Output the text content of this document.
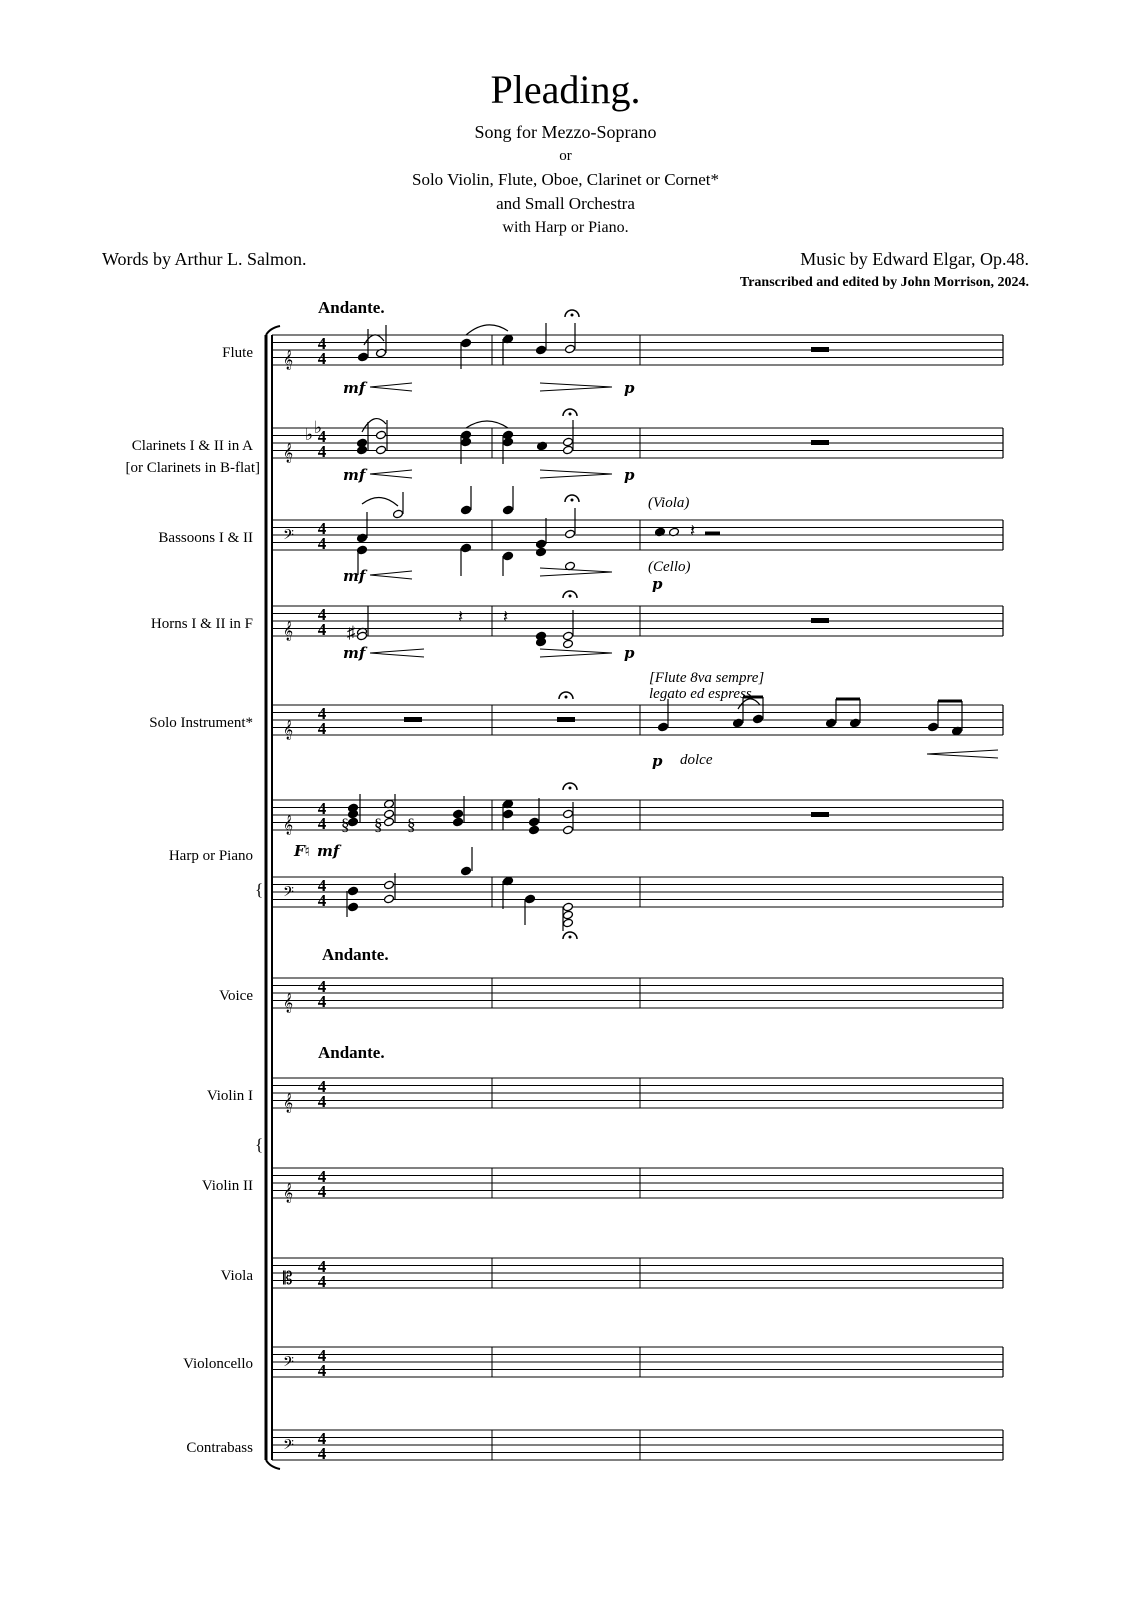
Pleading.
Song for Mezzo-Soprano
or
Solo Violin, Flute, Oboe, Clarinet or Cornet*
and Small Orchestra
with Harp or Piano.
Words by Arthur L. Salmon.	Music by Edward Elgar, Op.48.
Transcribed and edited by John Morrison, 2024.
{
{
4
4
𝄞
Flute
4
4
𝄞
Clarinets I & II in A
[or Clarinets in B-flat]
4
4
𝄢
Bassoons I & II
4
4
𝄞
Horns I & II in F
4
4
𝄞
Solo Instrument*
4
4
𝄞
4
4
𝄢
4
4
𝄞
Voice
4
4
𝄞
Violin I
4
4
𝄞
Violin II
4
4
𝄡
Viola
4
4
𝄢
Violoncello
4
4
𝄢
Contrabass
Harp or Piano
Andante.
Andante.
Andante.
mf	p
♭ ♭
mf	p
(Viola)
𝄽
(Cello)
p
mf
♯
𝄽 𝄽
mf	p
[Flute 8va sempre]
legato ed espress.
p dolce
F♮ mf
§ § §
